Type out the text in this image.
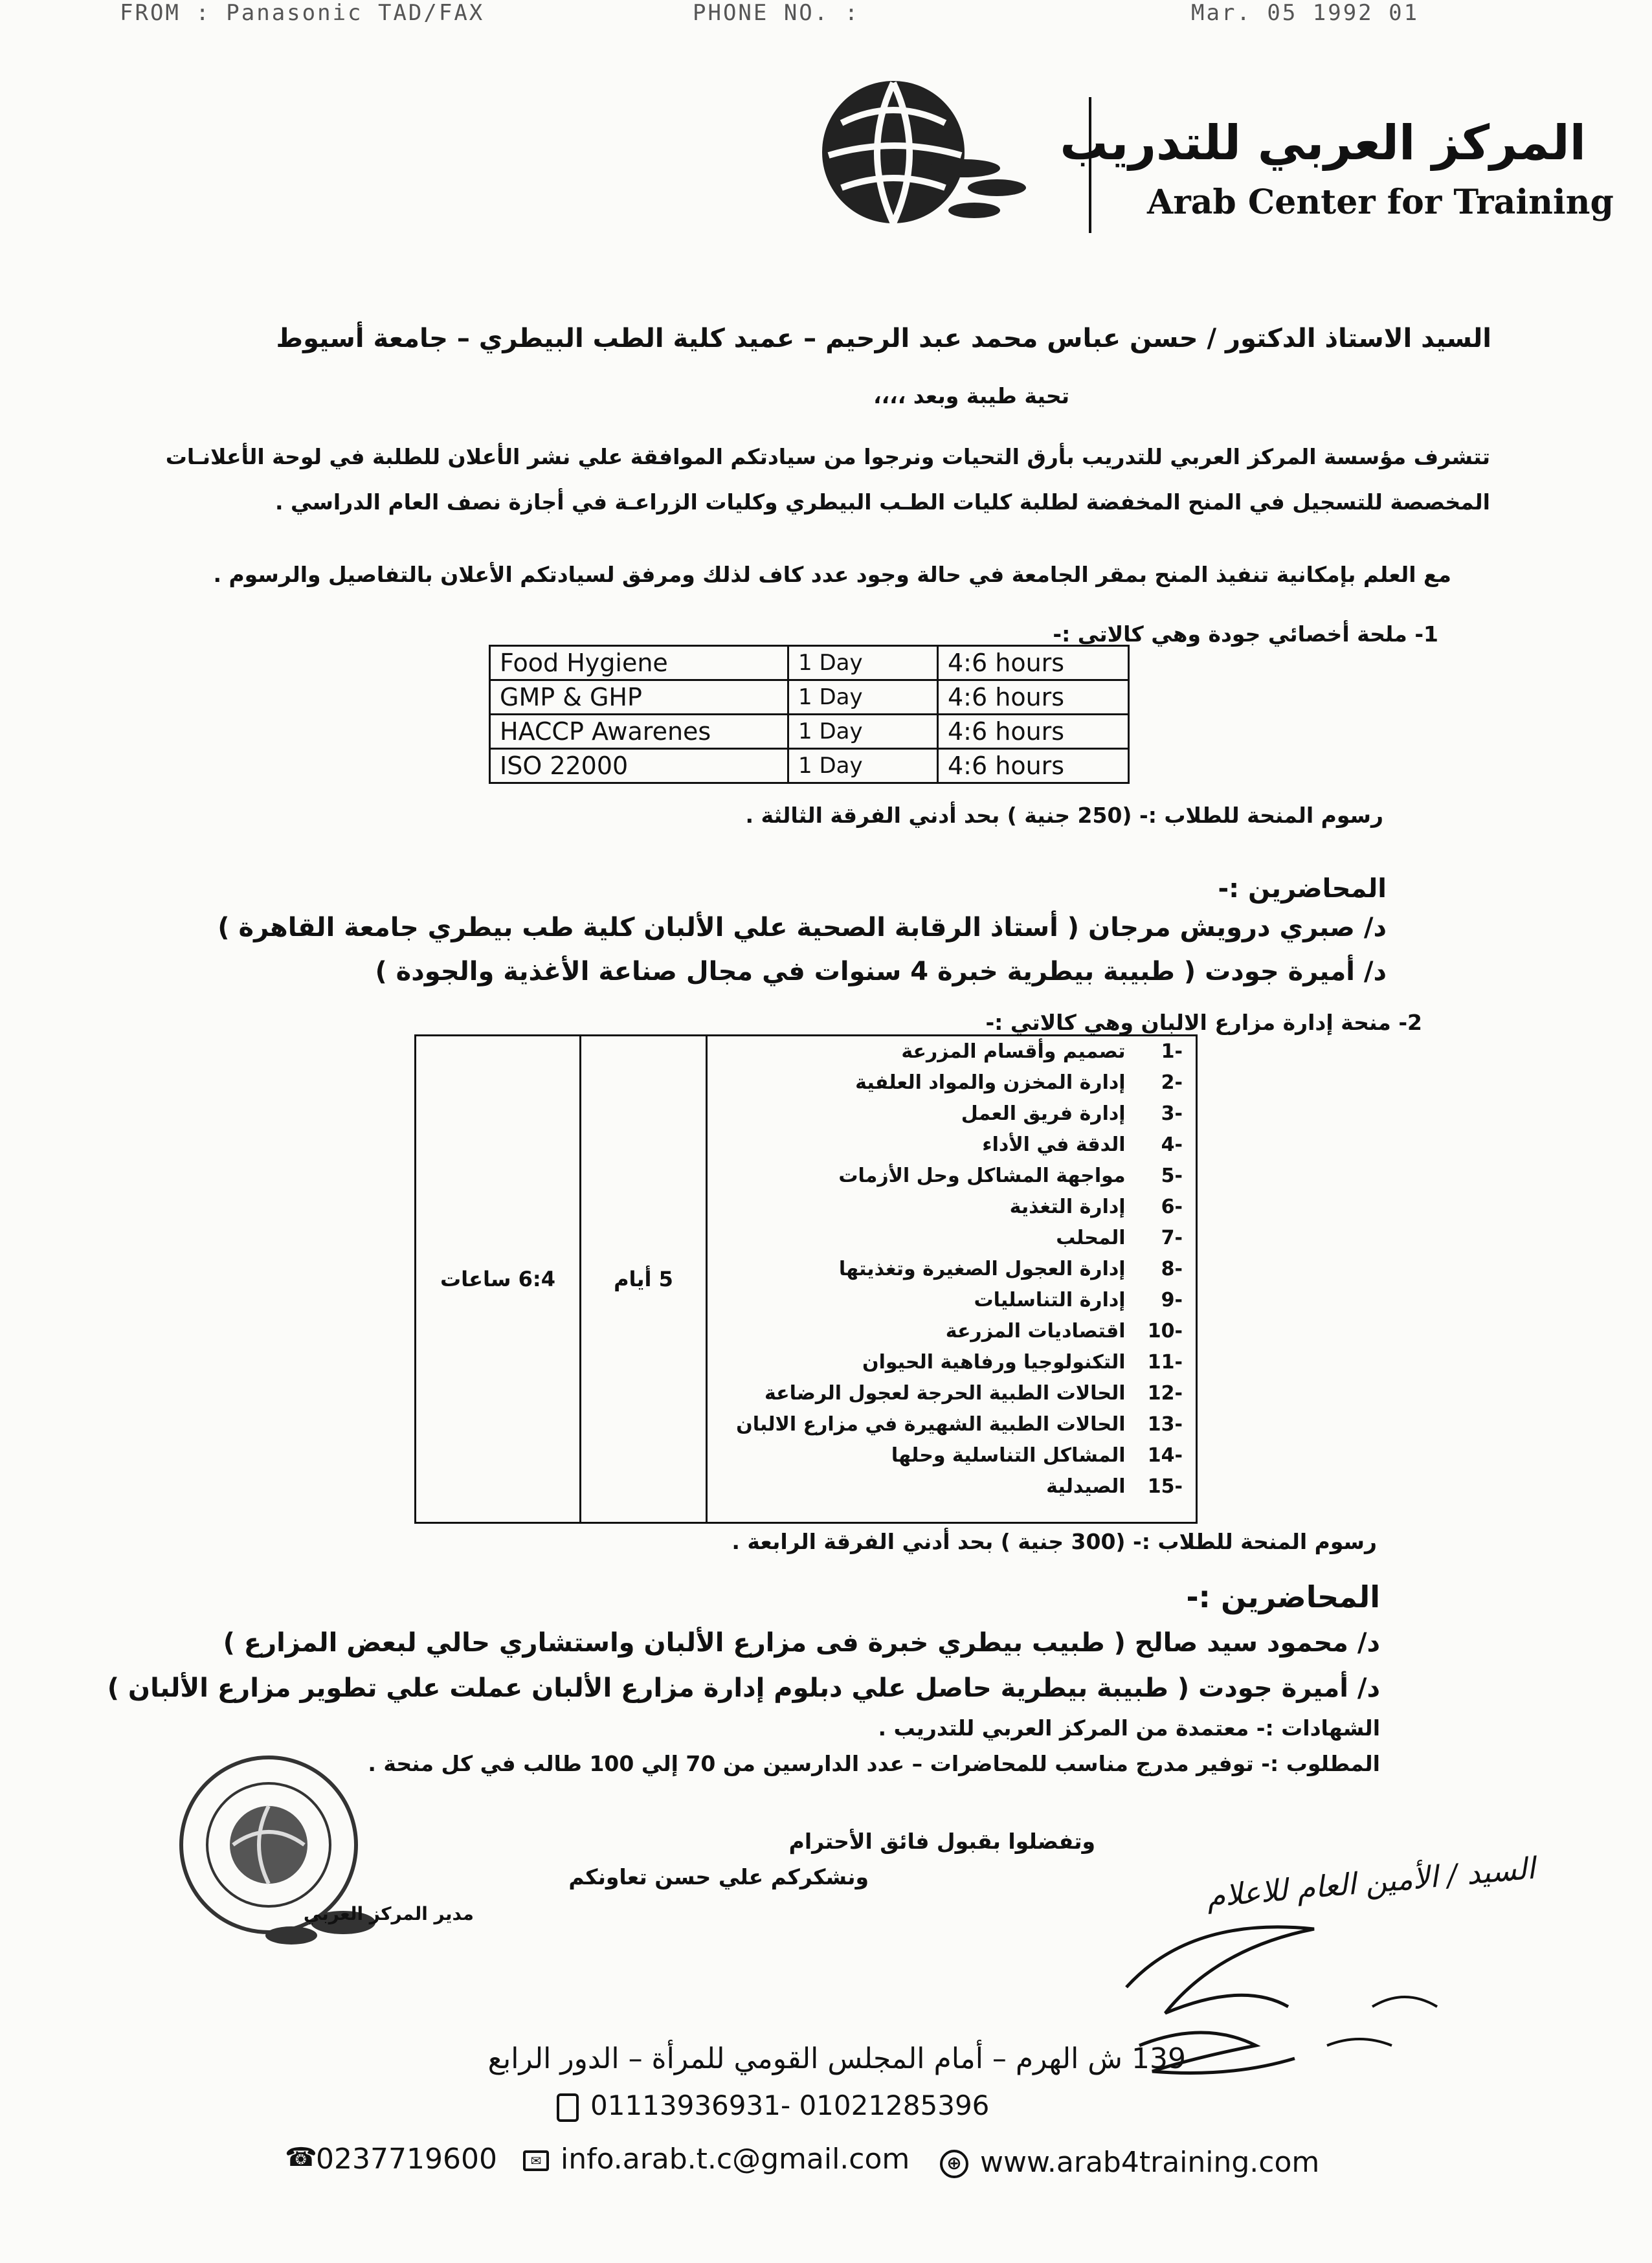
FROM : Panasonic TAD/FAX	PHONE NO. :	Mar. 05 1992 01
المركز العربي للتدريب
Arab Center for Training
السيد الاستاذ الدكتور / حسن عباس محمد عبد الرحيم – عميد كلية الطب البيطري – جامعة أسيوط
تحية طيبة وبعد ،،،،
تتشرف مؤسسة المركز العربي للتدريب بأرق التحيات ونرجوا من سيادتكم الموافقة علي نشر الأعلان للطلبة في لوحة الأعلانـات
المخصصة للتسجيل في المنح المخفضة لطلبة كليات الطـب البيطري وكليات الزراعـة في أجازة نصف العام الدراسي .
مع العلم بإمكانية تنفيذ المنح بمقر الجامعة في حالة وجود عدد كاف لذلك ومرفق لسيادتكم الأعلان بالتفاصيل والرسوم .
1- ملحة أخصائي جودة وهي كالاتي :-
Food Hygiene	1 Day	4:6 hours
GMP & GHP	1 Day	4:6 hours
HACCP Awarenes	1 Day	4:6 hours
ISO 22000	1 Day	4:6 hours
رسوم المنحة للطلاب :- (250 جنية ) بحد أدني الفرقة الثالثة .
المحاضرين :-
د/ صبري درويش مرجان ( أستاذ الرقابة الصحية علي الألبان كلية طب بيطري جامعة القاهرة )
د/ أميرة جودت ( طبيبة بيطرية خبرة 4 سنوات في مجال صناعة الأغذية والجودة )
2- منحة إدارة مزارع الالبان وهي كالاتي :-
6:4 ساعات	5 أيام	
-1 تصميم وأقسام المزرعة
-2 إدارة المخزن والمواد العلفية
-3 إدارة فريق العمل
-4 الدقة في الأداء
-5 مواجهة المشاكل وحل الأزمات
-6 إدارة التغذية
-7 المحلب
-8 إدارة العجول الصغيرة وتغذيتها
-9 إدارة التناسليات
-10 اقتصاديات المزرعة
-11 التكنولوجيا ورفاهية الحيوان
-12 الحالات الطبية الحرجة لعجول الرضاعة
-13 الحالات الطبية الشهيرة في مزارع الالبان
-14 المشاكل التناسلية وحلها
-15 الصيدلية
رسوم المنحة للطلاب :- (300 جنية ) بحد أدني الفرقة الرابعة .
المحاضرين :-
د/ محمود سيد صالح ( طبيب بيطري خبرة فى مزارع الألبان واستشاري حالي لبعض المزارع )
د/ أميرة جودت ( طبيبة بيطرية حاصل علي دبلوم إدارة مزارع الألبان عملت علي تطوير مزارع الألبان )
الشهادات :- معتمدة من المركز العربي للتدريب .
المطلوب :- توفير مدرج مناسب للمحاضرات – عدد الدارسين من 70 إلي 100 طالب في كل منحة .
وتفضلوا بقبول فائق الأحترام
ونشكركم علي حسن تعاونكم
مدير المركز العربي	السيد / الأمين العام للاعلام
139 ش الهرم – أمام المجلس القومي للمرأة – الدور الرابع
01113936931- 01021285396
☎0237719600	✉ info.arab.t.c@gmail.com	⊕ www.arab4training.com
